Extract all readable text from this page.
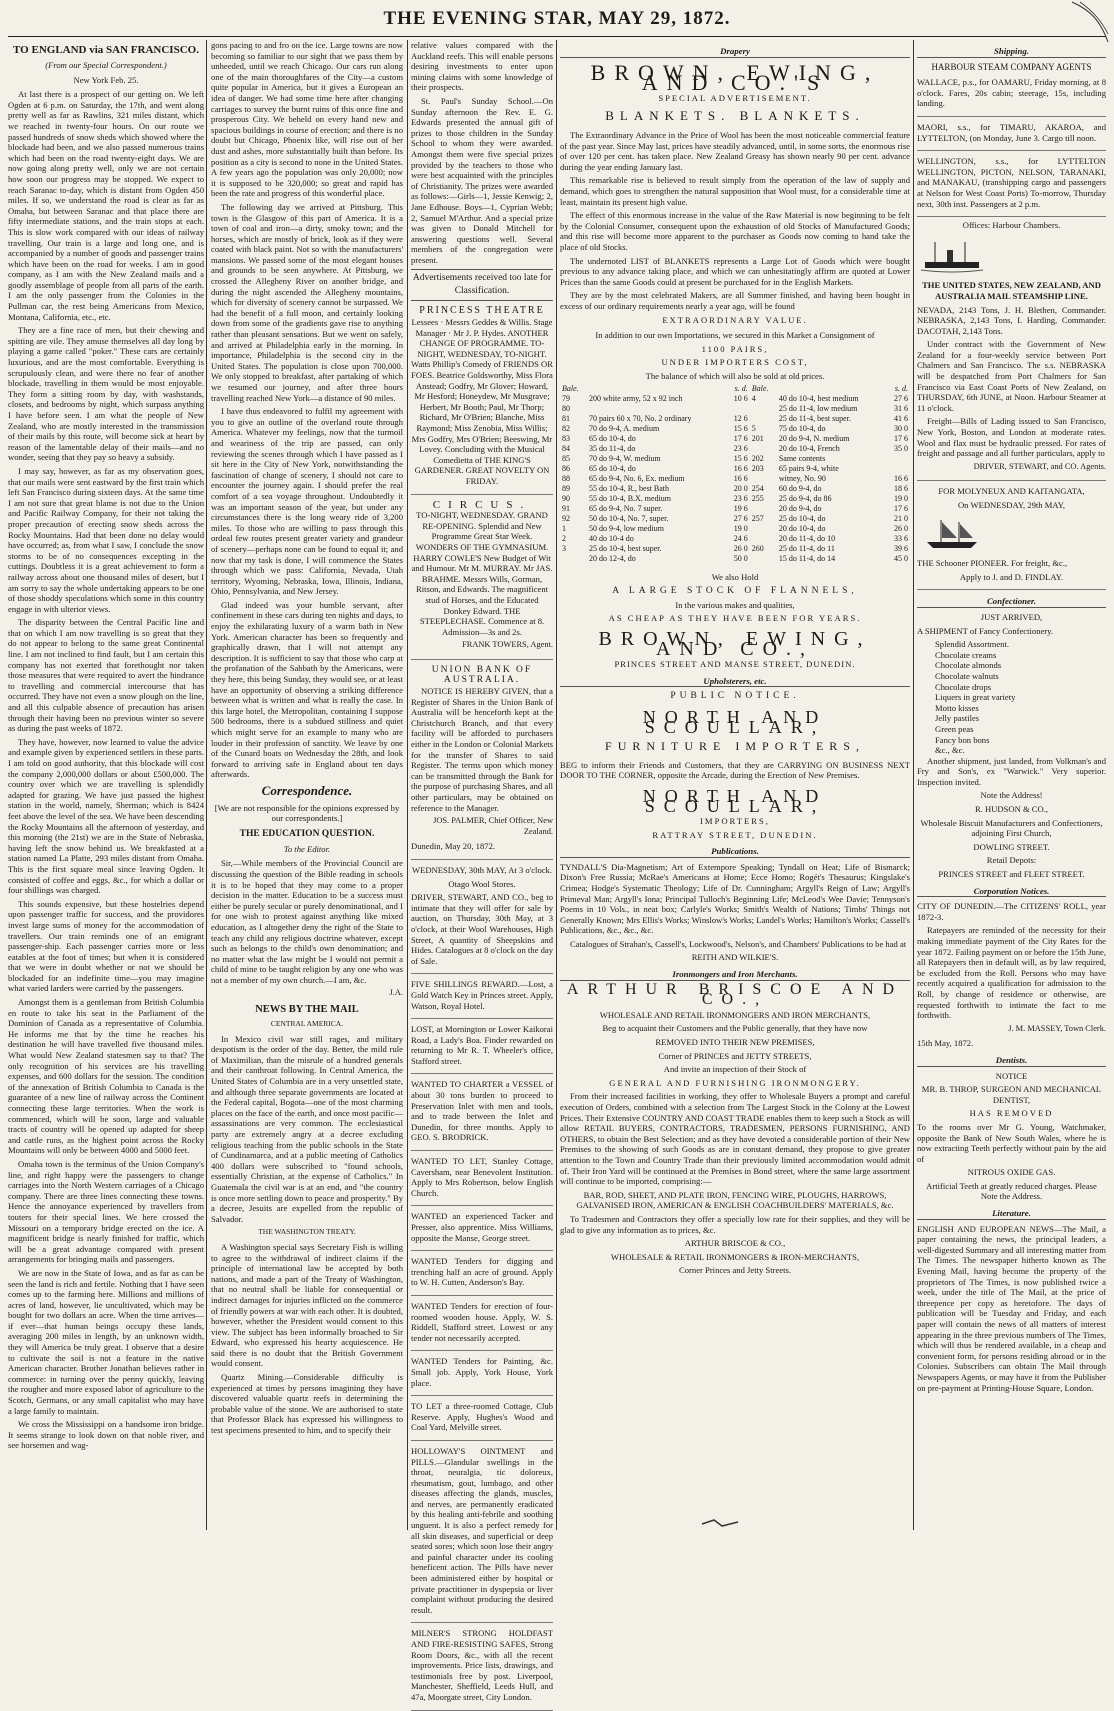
THE EVENING STAR, MAY 29, 1872.
TO ENGLAND via SAN FRANCISCO.
(From our Special Correspondent.)
New York Feb. 25.

At last there is a prospect of our getting on. We left Ogden at 6 p.m. on Saturday, the 17th, and went along pretty well as far as Rawlins, 321 miles distant, which we reached in twenty-four hours. On our route we passed hundreds of snow sheds which showed where the blockade had been, and we also passed numerous trains which had been on the road twenty-eight days. We are now going along pretty well, only we are not certain how soon our progress may be stopped. We expect to reach Saranac to-day, which is distant from Ogden 450 miles. If so, we understand the road is clear as far as Omaha, but between Saranac and that place there are fifty intermediate stations, and the train stops at each. This is slow work compared with our ideas of railway travelling. Our train is a large and long one, and is accompanied by a number of goods and passenger trains which have been on the road for weeks. I am in good company, as I am with the New Zealand mails and a goodly assemblage of people from all parts of the earth. I am the only passenger from the Colonies in the Pullman car, the rest being Americans from Mexico, Montana, California, etc., etc.

They are a fine race of men, but their chewing and spitting are vile. They amuse themselves all day long by playing a game called "poker." These cars are certainly luxurious, and are the most comfortable. Everything is scrupulously clean, and were there no fear of another blockade, travelling in them would be most enjoyable. They form a sitting room by day, with washstands, closets, and bedrooms by night, which surpass anything I have before seen. I am what the people of New Zealand, who are mostly interested in the transmission of their mails by this route, will become sick at heart by reason of the lamentable delay of their mails—and no wonder, seeing that they pay so heavy a subsidy.

I may say, however, as far as my observation goes, that our mails were sent eastward by the first train which left San Francisco during sixteen days. At the same time I am not sure that great blame is not due to the Union and Pacific Railway Company, for their not taking the proper precaution of erecting snow sheds across the Rocky Mountains. Had that been done no delay would have occurred; as, from what I saw, I conclude the snow storms to be of no consequences excepting in the cuttings. Doubtless it is a great achievement to form a railway across about one thousand miles of desert, but I am sorry to say the whole undertaking appears to be one of those shoddy speculations which some in this country engage in with ulterior views.

The disparity between the Central Pacific line and that on which I am now travelling is so great that they do not appear to belong to the same great Continental line. I am not inclined to find fault, but I am certain this company has not exerted that forethought nor taken those measures that were required to avert the hindrance to travelling and commercial intercourse that has occurred. They have not even a snow plough on the line, and all this culpable absence of precaution has arisen through their having been no previous winter so severe as during the past weeks of 1872.

They have, however, now learned to value the advice and example given by experienced settlers in these parts. I am told on good authority, that this blockade will cost the company 2,000,000 dollars or about £500,000. The country over which we are travelling is splendidly adapted for grazing. We have just passed the highest station in the world, namely, Sherman; which is 8424 feet above the level of the sea. We have been descending the Rocky Mountains all the afternoon of yesterday, and this morning (the 21st) we are in the State of Nebraska, having left the snow behind us. We breakfasted at a station named La Platte, 293 miles distant from Omaha. This is the first square meal since leaving Ogden. It consisted of coffee and eggs, &c., for which a dollar or four shillings was charged.

This sounds expensive, but these hostelries depend upon passenger traffic for success, and the providores invest large sums of money for the accommodation of travellers. Our train reminds one of an emigrant passenger-ship. Each passenger carries more or less eatables at the foot of times; but when it is considered that we were in doubt whether or not we should be blockaded for an indefinite time—you may imagine what varied larders were carried by the passengers.

Amongst them is a gentleman from British Columbia en route to take his seat in the Parliament of the Dominion of Canada as a representative of Columbia. He informs me that by the time he reaches his destination he will have travelled five thousand miles. What would New Zealand statesmen say to that? The only recognition of his services are his travelling expenses, and 600 dollars for the session. The condition of the annexation of British Columbia to Canada is the guarantee of a new line of railway across the Continent connecting these large territories. When the work is commenced, which will be soon, large and valuable tracts of country will be opened up adapted for sheep and cattle runs, as the highest point across the Rocky Mountains will only be between 4000 and 5000 feet.

Omaha town is the terminus of the Union Company's line, and right happy were the passengers to change carriages into the North Western carriages of a Chicago company. There are three lines connecting these towns. Hence the annoyance experienced by travellers from touters for their special lines. We here crossed the Missouri on a temporary bridge erected on the ice. A magnificent bridge is nearly finished for traffic, which will be a great advantage compared with present arrangements for bringing mails and passengers.

We are now in the State of Iowa, and as far as can be seen the land is rich and fertile. Nothing that I have seen comes up to the farming here. Millions and millions of acres of land, however, lie uncultivated, which may be bought for two dollars an acre. When the time arrives—if ever—that human beings occupy these lands, averaging 200 miles in length, by an unknown width, they will America be truly great. I observe that a desire to cultivate the soil is not a feature in the native American character. Brother Jonathan believes rather in commerce: in turning over the penny quickly, leaving the rougher and more exposed labor of agriculture to the Scotch, Germans, or any small capitalist who may have a large family to maintain.

We cross the Mississippi on a handsome iron bridge. It seems strange to look down on that noble river, and see horsemen and wag-

gons pacing to and fro on the ice. Large towns are now becoming so familiar to our sight that we pass them by unheeded, until we reach Chicago. Our cars run along one of the main thoroughfares of the City—a custom quite popular in America, but it gives a European an idea of danger. We had some time here after changing carriages to survey the burnt ruins of this once fine and prosperous City. We beheld on every hand new and spacious buildings in course of erection; and there is no doubt but Chicago, Phoenix like, will rise out of her dust and ashes, more substantially built than before. Its position as a city is second to none in the United States. A few years ago the population was only 20,000; now it is supposed to be 320,000; so great and rapid has been the rate and progress of this wonderful place.

The following day we arrived at Pittsburg. This town is the Glasgow of this part of America. It is a town of coal and iron—a dirty, smoky town; and the horses, which are mostly of brick, look as if they were coated with black paint. Not so with the manufacturers' mansions. We passed some of the most elegant houses and grounds to be seen anywhere. At Pittsburg, we crossed the Allegheny River on another bridge, and during the night ascended the Allegheny mountains, which for diversity of scenery cannot be surpassed. We had the benefit of a full moon, and certainly looking down from some of the gradients gave rise to anything rather than pleasant sensations. But we went on safely, and arrived at Philadelphia early in the morning. In importance, Philadelphia is the second city in the United States. The population is close upon 700,000. We only stopped to breakfast, after partaking of which we resumed our journey, and after three hours travelling reached New York—a distance of 90 miles.

I have thus endeavored to fulfil my agreement with you to give an outline of the overland route through America. Whatever my feelings, now that the turmoil and weariness of the trip are passed, can only reviewing the scenes through which I have passed as I sit here in the City of New York, notwithstanding the fascination of change of scenery, I should not care to encounter the journey again. I should prefer the real comfort of a sea voyage throughout. Undoubtedly it was an important season of the year, but under any circumstances there is the long weary ride of 3,200 miles. To those who are willing to pass through this ordeal few routes present greater variety and grandeur of scenery—perhaps none can be found to equal it; and now that my task is done, I will commence the States through which we pass: California, Nevada, Utah territory, Wyoming, Nebraska, Iowa, Illinois, Indiana, Ohio, Pennsylvania, and New Jersey.

Glad indeed was your humble servant, after confinement in these cars during ten nights and days, to enjoy the exhilarating luxury of a warm bath in New York. American character has been so frequently and graphically drawn, that I will not attempt any description. It is sufficient to say that those who carp at the profanation of the Sabbath by the Americans, were they here, this being Sunday, they would see, or at least have an opportunity of observing a striking difference between what is written and what is really the case. In this large hotel, the Metropolitan, containing I suppose 500 bedrooms, there is a subdued stillness and quiet which might serve for an example to many who are louder in their profession of sanctity. We leave by one of the Cunard boats on Wednesday the 28th, and look forward to arriving safe in England about ten days afterwards.

Correspondence.

[We are not responsible for the opinions expressed by our correspondents.]

THE EDUCATION QUESTION.
To the Editor.

Sir,—While members of the Provincial Council are discussing the question of the Bible reading in schools it is to be hoped that they may come to a proper decision in the matter. Education to be a success must either be purely secular or purely denominational, and I for one wish to protest against anything like mixed education, as I altogether deny the right of the State to teach any child any religious doctrine whatever, except such as belongs to the child's own denomination; and no matter what the law might be I would not permit a child of mine to be taught religion by any one who was not a member of my own church.—I am, &c.

J.A.

NEWS BY THE MAIL
CENTRAL AMERICA.

In Mexico civil war still rages, and military despotism is the order of the day. Better, the mild rule of Maximilian, than the misrule of a hundred generals and their canthroat following. In Central America, the United States of Columbia are in a very unsettled state, and although three separate governments are located at the Federal capital, Bogota—one of the most charming places on the face of the earth, and once most pacific—assassinations are very common. The ecclesiastical party are extremely angry at a decree excluding religious teaching from the public schools in the State of Cundinamarca, and at a public meeting of Catholics 400 dollars were subscribed to "found schools, essentially Christian, at the expense of Catholics." In Guatemala the civil war is at an end, and "the country is once more settling down to peace and prosperity." By a decree, Jesuits are expelled from the republic of Salvador.

THE WASHINGTON TREATY.

A Washington special says Secretary Fish is willing to agree to the withdrawal of indirect claims if the principle of international law be accepted by both nations, and made a part of the Treaty of Washington, that no neutral shall be liable for consequential or indirect damages for injuries inflicted on the commerce of friendly powers at war with each other. It is doubted, however, whether the President would consent to this view. The subject has been informally broached to Sir Edward, who expressed his hearty acquiescence. He said there is no doubt that the British Government would consent.

Quartz Mining.—Considerable difficulty is experienced at times by persons imagining they have discovered valuable quartz reefs in determining the probable value of the stone. We are authorised to state that Professor Black has expressed his willingness to test specimens presented to him, and to specify their

relative values compared with the Auckland reefs. This will enable persons desiring investments to enter upon mining claims with some knowledge of their prospects.

St. Paul's Sunday School.—On Sunday afternoon the Rev. E. G. Edwards presented the annual gift of prizes to those children in the Sunday School to whom they were awarded. Amongst them were five special prizes provided by the teachers to those who were best acquainted with the principles of Christianity. The prizes were awarded as follows:—Girls—1, Jessie Kenwig; 2, Jane Edhouse. Boys—1, Cyprian Webb; 2, Samuel M'Arthur. And a special prize was given to Donald Mitchell for answering questions well. Several members of the congregation were present.

Advertisements received too late for Classification.
PRINCESS THEATRE

Lessees · Messrs Geddes & Willis. Stage Manager · Mr J. P. Hydes. ANOTHER CHANGE OF PROGRAMME. TO-NIGHT, WEDNESDAY, TO-NIGHT. Watts Phillip's Comedy of FRIENDS OR FOES. Beatrice Goldsworthy, Miss Flora Anstead; Godfry, Mr Glover; Howard, Mr Hesford; Honeydew, Mr Musgrave; Herbert, Mr Booth; Paul, Mr Thorp; Richard, Mr O'Brien; Blanche, Miss Raymond; Miss Zenobia, Miss Willis; Mrs Godfry, Mrs O'Brien; Beeswing, Mr Lovey. Concluding with the Musical Comedietta of THE KING'S GARDENER. GREAT NOVELTY ON FRIDAY.

CIRCUS.

TO-NIGHT, WEDNESDAY. GRAND RE-OPENING. Splendid and New Programme Great Star Week. WONDERS OF THE GYMNASIUM. HARRY COWLE'S New Budget of Wit and Humour. Mr M. MURRAY. Mr JAS. BRAHME. Messrs Wills, Gorman, Ritson, and Edwards. The magnificent stud of Horses, and the Educated Donkey Edward. THE STEEPLECHASE. Commence at 8. Admission—3s and 2s.

FRANK TOWERS, Agent.

UNION BANK OF AUSTRALIA.

NOTICE IS HEREBY GIVEN, that a Register of Shares in the Union Bank of Australia will be henceforth kept at the Christchurch Branch, and that every facility will be afforded to purchasers either in the London or Colonial Markets for the transfer of Shares to said Register. The terms upon which money can be transmitted through the Bank for the purpose of purchasing Shares, and all other particulars, may be obtained on reference to the Manager.

JOS. PALMER, Chief Officer, New Zealand.

Dunedin, May 20, 1872.

WEDNESDAY, 30th MAY, At 3 o'clock.

Otago Wool Stores.

DRIVER, STEWART, AND CO., beg to intimate that they will offer for sale by auction, on Thursday, 30th May, at 3 o'clock, at their Wool Warehouses, High Street, A quantity of Sheepskins and Hides. Catalogues at 8 o'clock on the day of Sale.

FIVE SHILLINGS REWARD.—Lost, a Gold Watch Key in Princes street. Apply, Watson, Royal Hotel.

LOST, at Mornington or Lower Kaikorai Road, a Lady's Boa. Finder rewarded on returning to Mr R. T. Wheeler's office, Stafford street.

WANTED TO CHARTER a VESSEL of about 30 tons burden to proceed to Preservation Inlet with men and tools, and to trade between the Inlet and Dunedin, for three months. Apply to GEO. S. BRODRICK.

WANTED TO LET, Stanley Cottage, Caversham, near Benevolent Institution. Apply to Mrs Robertson, below English Church.

WANTED an experienced Tacker and Presser, also apprentice. Miss Williams, opposite the Manse, George street.

WANTED Tenders for digging and trenching half an acre of ground. Apply to W. H. Cutten, Anderson's Bay.

WANTED Tenders for erection of four-roomed wooden house. Apply, W. S. Riddell, Stafford street. Lowest or any tender not necessarily accepted.

WANTED Tenders for Painting, &c. Small job. Apply, York House, York place.

TO LET a three-roomed Cottage, Club Reserve. Apply, Hughes's Wood and Coal Yard, Melville street.

HOLLOWAY'S OINTMENT and PILLS.—Glandular swellings in the throat, neuralgia, tic doloreux, rheumatism, gout, lumbago, and other diseases affecting the glands, muscles, and nerves, are permanently eradicated by this healing anti-febrile and soothing unguent. It is also a perfect remedy for all skin diseases, and superficial or deep seated sores; which soon lose their angry and painful character under its cooling beneficent action. The Pills have never been administered either by hospital or private practitioner in dyspepsia or liver complaint without producing the desired result.

MILNER'S STRONG HOLDFAST AND FIRE-RESISTING SAFES, Strong Room Doors, &c., with all the recent improvements. Price lists, drawings, and testimonials free by post. Liverpool, Manchester, Sheffield, Leeds Hull, and 47a, Moorgate street, City London.

Drapery
BROWN, EWING, AND CO.'S

SPECIAL ADVERTISEMENT.

BLANKETS. BLANKETS.

The Extraordinary Advance in the Price of Wool has been the most noticeable commercial feature of the past year. Since May last, prices have steadily advanced, until, in some sorts, the enormous rise of over 120 per cent. has taken place. New Zealand Greasy has shown nearly 90 per cent. advance during the year ending January last.

This remarkable rise is believed to result simply from the operation of the law of supply and demand, which goes to strengthen the natural supposition that Wool must, for a considerable time at least, maintain its present high value.

The effect of this enormous increase in the value of the Raw Material is now beginning to be felt by the Colonial Consumer, consequent upon the exhaustion of old Stocks of Manufactured Goods; and this rise will become more apparent to the purchaser as Goods now coming to hand take the place of old Stocks.

The undernoted LIST of BLANKETS represents a Large Lot of Goods which were bought previous to any advance taking place, and which we can unhesitatingly affirm are quoted at Lower Prices than the same Goods could at present be purchased for in the English Markets.

They are by the most celebrated Makers, are all Summer finished, and having been bought in excess of our ordinary requirements nearly a year ago, will be found

EXTRAORDINARY VALUE.

In addition to our own Importations, we secured in this Market a Consignment of

1100 PAIRS,

UNDER IMPORTERS COST,

The balance of which will also be sold at old prices.

Bale.		s. d.	Bale.		s. d.
79	200 white army, 52 x 92 inch	10 6	4	40 do 10-4, best medium	27 6
80				25 do 11-4, low medium	31 6
81	70 pairs 60 x 70, No. 2 ordinary	12 6		25 do 11-4, best super.	41 6
82	70 do 9-4, A. medium	15 6	5	75 do 10-4, do	30 0
83	65 do 10-4, do	17 6	201	20 do 9-4, N. medium	17 6
84	35 do 11-4, do	23 6		20 do 10-4, French	35 0
85	70 do 9-4, W. medium	15 6	202	Same contents	
86	65 do 10-4, do	16 6	203	65 pairs 9-4, white	
88	65 do 9-4, No. 6, Ex. medium	16 6		witney, No. 90	16 6
89	55 do 10-4, R., best Bath	20 0	254	60 do 9-4, do	18 6
90	55 do 10-4, B.X. medium	23 6	255	25 do 9-4, do 86	19 0
91	65 do 9-4, No. 7 super.	19 6		20 do 9-4, do	17 6
92	50 do 10-4, No. 7, super.	27 6	257	25 do 10-4, do	21 0
1	50 do 9-4, low medium	19 0		20 do 10-4, do	26 0
2	40 do 10-4 do	24 6		20 do 11-4, do 10	33 6
3	25 do 10-4, best super.	26 0	260	25 do 11-4, do 11	39 6
	20 do 12-4, do	50 0		15 do 11-4, do 14	45 0

We also Hold

A LARGE STOCK OF FLANNELS,

In the various makes and qualities,

AS CHEAP AS THEY HAVE BEEN FOR YEARS.

BROWN, EWING, AND CO.,

PRINCES STREET AND MANSE STREET, DUNEDIN.

Upholsterers, etc.

PUBLIC NOTICE.

NORTH AND SCOULLAR,
FURNITURE IMPORTERS,

BEG to inform their Friends and Customers, that they are CARRYING ON BUSINESS NEXT DOOR TO THE CORNER, opposite the Arcade, during the Erection of New Premises.

NORTH AND SCOULLAR,

IMPORTERS,

RATTRAY STREET, DUNEDIN.

Publications.

TYNDALL'S Dia-Magnetism; Art of Extempore Speaking; Tyndall on Heat; Life of Bismarck; Dixon's Free Russia; McRae's Americans at Home; Ecce Homo; Rogét's Thesaurus; Kingslake's Crimea; Hodge's Systematic Theology; Life of Dr. Cunningham; Argyll's Reign of Law; Argyll's Primeval Man; Argyll's Iona; Principal Tulloch's Beginning Life; McLeod's Wee Davie; Tennyson's Poems in 10 Vols., in neat box; Carlyle's Works; Smith's Wealth of Nations; Timbs' Things not Generally Known; Mrs Ellis's Works; Winslow's Works; Landel's Works; Hamilton's Works; Cassell's Publications, &c., &c., &c.

Catalogues of Strahan's, Cassell's, Lockwood's, Nelson's, and Chambers' Publications to be had at

REITH AND WILKIE'S.

Ironmongers and Iron Merchants.
ARTHUR BRISCOE AND CO.,

WHOLESALE AND RETAIL IRONMONGERS AND IRON MERCHANTS,

Beg to acquaint their Customers and the Public generally, that they have now

REMOVED INTO THEIR NEW PREMISES,

Corner of PRINCES and JETTY STREETS,

And invite an inspection of their Stock of

GENERAL AND FURNISHING IRONMONGERY.

From their increased facilities in working, they offer to Wholesale Buyers a prompt and careful execution of Orders, combined with a selection from The Largest Stock in the Colony at the Lowest Prices. Their Extensive COUNTRY AND COAST TRADE enables them to keep such a Stock as will allow RETAIL BUYERS, CONTRACTORS, TRADESMEN, PERSONS FURNISHING, AND OTHERS, to obtain the Best Selection; and as they have devoted a considerable portion of their New Premises to the showing of such Goods as are in constant demand, they propose to give greater attention to the Town and Country Trade than their previously limited accommodation would admit of. Their Iron Yard will be continued at the Premises in Bond street, where the same large assortment will continue to be imported, comprising:—

BAR, ROD, SHEET, AND PLATE IRON, FENCING WIRE, PLOUGHS, HARROWS, GALVANISED IRON, AMERICAN & ENGLISH COACHBUILDERS' MATERIALS, &c.

To Tradesmen and Contractors they offer a specially low rate for their supplies, and they will be glad to give any information as to prices, &c.

ARTHUR BRISCOE & CO.,

WHOLESALE & RETAIL IRONMONGERS & IRON-MERCHANTS,

Corner Princes and Jetty Streets.

Shipping.

HARBOUR STEAM COMPANY AGENTS

WALLACE, p.s., for OAMARU, Friday morning, at 8 o'clock. Fares, 20s cabin; steerage, 15s, including landing.

MAORI, s.s., for TIMARU, AKAROA, and LYTTELTON, (on Monday, June 3. Cargo till noon.

WELLINGTON, s.s., for LYTTELTON WELLINGTON, PICTON, NELSON, TARANAKI, and MANAKAU, (transhipping cargo and passengers at Nelson for West Coast Ports) To-morrow, Thursday next, 30th inst. Passengers at 2 p.m.

Offices: Harbour Chambers.

THE UNITED STATES, NEW ZEALAND, AND AUSTRALIA MAIL STEAMSHIP LINE.

NEVADA, 2143 Tons, J. H. Blethen, Commander. NEBRASKA, 2,143 Tons, I. Harding, Commander. DACOTAH, 2,143 Tons.

Under contract with the Government of New Zealand for a four-weekly service between Port Chalmers and San Francisco. The s.s. NEBRASKA will be despatched from Port Chalmers for San Francisco via East Coast Ports of New Zealand, on THURSDAY, 6th JUNE, at Noon. Harbour Steamer at 11 o'clock.

Freight—Bills of Lading issued to San Francisco, New York, Boston, and London at moderate rates. Wool and flax must be hydraulic pressed. For rates of freight and passage and all further particulars, apply to

DRIVER, STEWART, and CO. Agents.

FOR MOLYNEUX AND KAITANGATA,

On WEDNESDAY, 29th MAY,

THE Schooner PIONEER. For freight, &c.,

Apply to J. and D. FINDLAY.

Confectioner.

JUST ARRIVED,

A SHIPMENT of Fancy Confectionery.

Splendid Assortment.
Chocolate creams
Chocolate almonds
Chocolate walnuts
Chocolate drops
Liquers in great variety
Motto kisses
Jelly pastiles
Green peas
Fancy bon bons
&c., &c.

Another shipment, just landed, from Volkman's and Fry and Son's, ex "Warwick." Very superior. Inspection invited.

Note the Address!

R. HUDSON & CO.,

Wholesale Biscuit Manufacturers and Confectioners, adjoining First Church,

DOWLING STREET.

Retail Depots:

PRINCES STREET and FLEET STREET.

Corporation Notices.

CITY OF DUNEDIN.—The CITIZENS' ROLL, year 1872-3.

Ratepayers are reminded of the necessity for their making immediate payment of the City Rates for the year 1872. Failing payment on or before the 15th June, all Ratepayers then in default will, as by law required, be excluded from the Roll. Persons who may have recently acquired a qualification for admission to the Roll, by change of residence or otherwise, are requested forthwith to intimate the fact to me forthwith.

J. M. MASSEY, Town Clerk.

15th May, 1872.

Dentists.

NOTICE

MR. B. THROP, SURGEON AND MECHANICAL DENTIST,

HAS REMOVED

To the rooms over Mr G. Young, Watchmaker, opposite the Bank of New South Wales, where he is now extracting Teeth perfectly without pain by the aid of

NITROUS OXIDE GAS.

Artificial Teeth at greatly reduced charges. Please Note the Address.

Literature.

ENGLISH AND EUROPEAN NEWS—The Mail, a paper containing the news, the principal leaders, a well-digested Summary and all interesting matter from The Times. The newspaper hitherto known as The Evening Mail, having become the property of the proprietors of The Times, is now published twice a week, under the title of The Mail, at the price of threepence per copy as heretofore. The days of publication will be Tuesday and Friday, and each paper will contain the news of all matters of interest appearing in the three previous numbers of The Times, which will thus be rendered available, in a cheap and convenient form, for persons residing abroad or in the Colonies. Subscribers can obtain The Mail through Newspapers Agents, or may have it from the Publisher on pre-payment at Printing-House Square, London.
